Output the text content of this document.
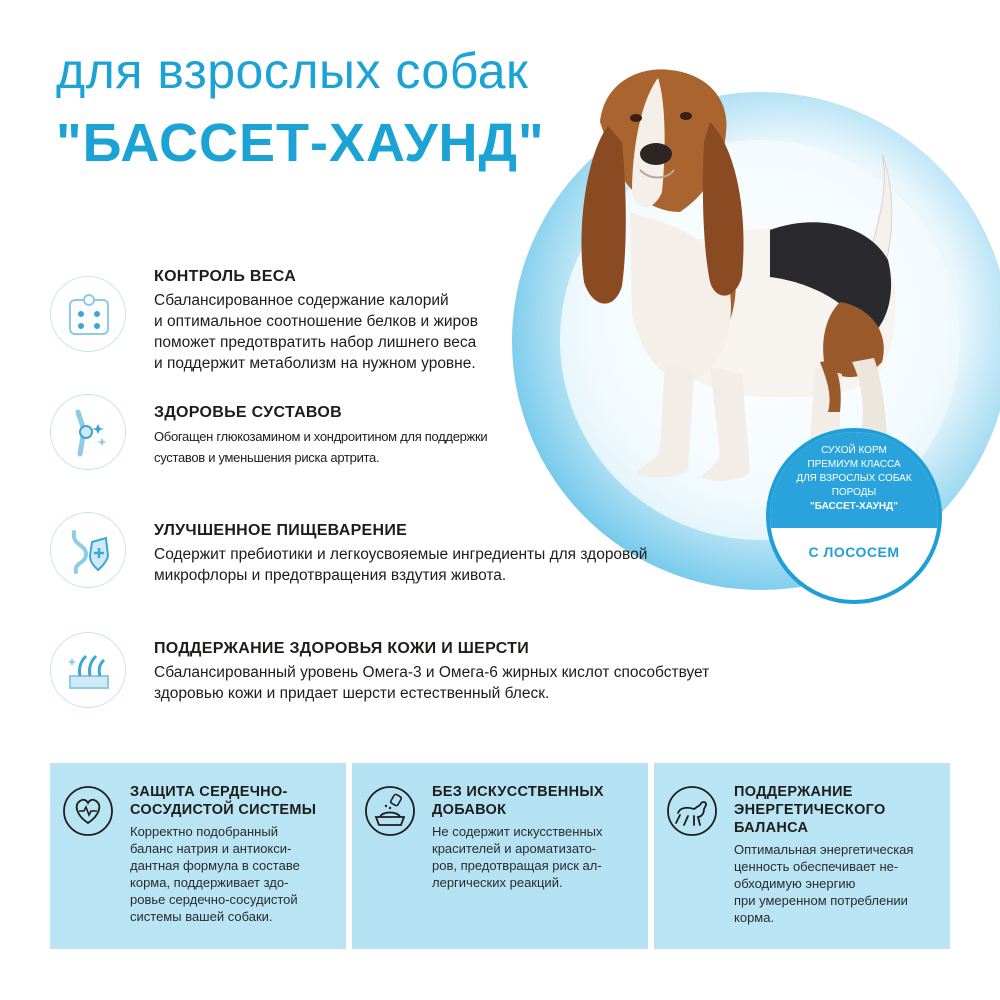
для взрослых собак
"БАССЕТ-ХАУНД"
СУХОЙ КОРМ
ПРЕМИУМ КЛАССА
ДЛЯ ВЗРОСЛЫХ СОБАК
ПОРОДЫ
"БАССЕТ-ХАУНД"
С ЛОСОСЕМ
КОНТРОЛЬ ВЕСА

Сбалансированное содержание калорий
и оптимальное соотношение белков и жиров
поможет предотвратить набор лишнего веса
и поддержит метаболизм на нужном уровне.

ЗДОРОВЬЕ СУСТАВОВ

Обогащен глюкозамином и хондроитином для поддержки
суставов и уменьшения риска артрита.

УЛУЧШЕННОЕ ПИЩЕВАРЕНИЕ

Содержит пребиотики и легкоусвояемые ингредиенты для здоровой
микрофлоры и предотвращения вздутия живота.

ПОДДЕРЖАНИЕ ЗДОРОВЬЯ КОЖИ И ШЕРСТИ

Сбалансированный уровень Омега-3 и Омега-6 жирных кислот способствует
здоровью кожи и придает шерсти естественный блеск.

ЗАЩИТА СЕРДЕЧНО-
СОСУДИСТОЙ СИСТЕМЫ

Корректно подобранный
баланс натрия и антиокси-
дантная формула в составе
корма, поддерживает здо-
ровье сердечно-сосудистой
системы вашей собаки.

БЕЗ ИСКУССТВЕННЫХ
ДОБАВОК

Не содержит искусственных
красителей и ароматизато-
ров, предотвращая риск ал-
лергических реакций.

ПОДДЕРЖАНИЕ
ЭНЕРГЕТИЧЕСКОГО
БАЛАНСА

Оптимальная энергетическая
ценность обеспечивает не-
обходимую энергию
при умеренном потреблении
корма.
